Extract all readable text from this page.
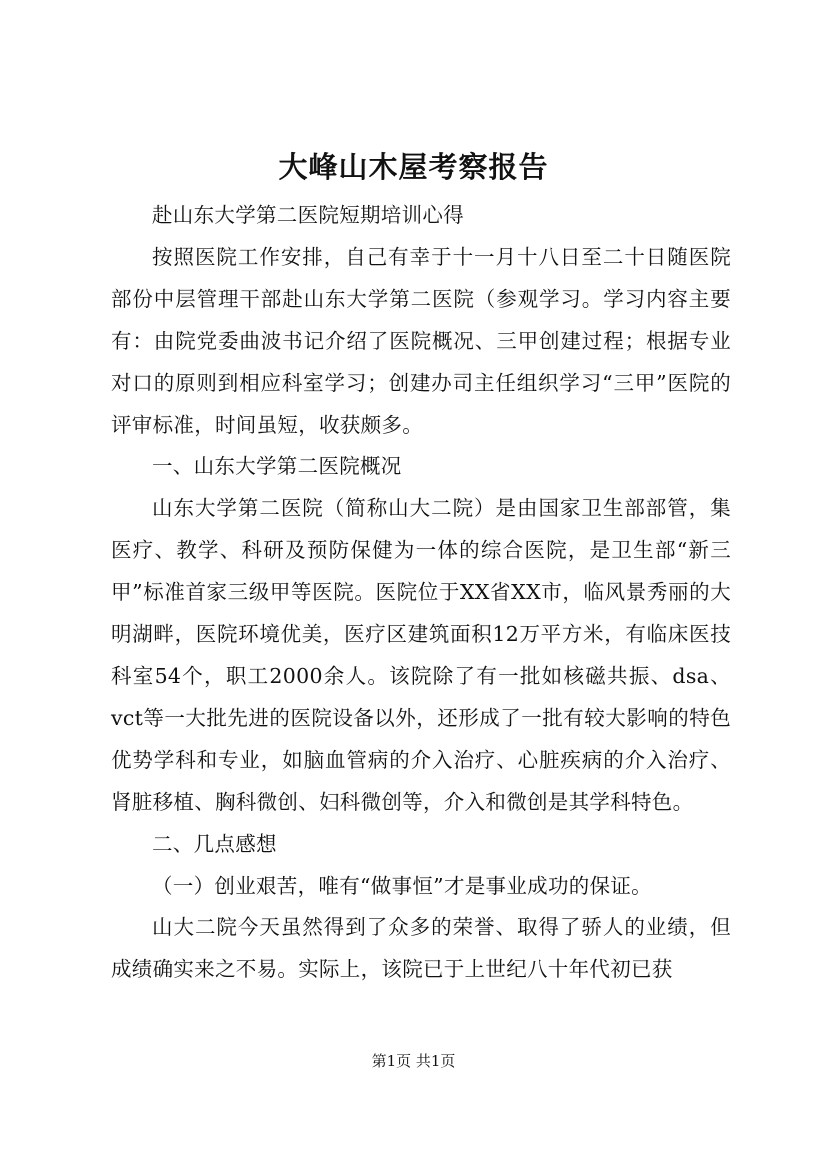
大峰山木屋考察报告

赴山东大学第二医院短期培训心得

按照医院工作安排，自己有幸于十一月十八日至二十日随医院部份中层管理干部赴山东大学第二医院（参观学习。学习内容主要有：由院党委曲波书记介绍了医院概况、三甲创建过程；根据专业对口的原则到相应科室学习；创建办司主任组织学习“三甲”医院的评审标准，时间虽短，收获颇多。

一、山东大学第二医院概况

山东大学第二医院（简称山大二院）是由国家卫生部部管，集医疗、教学、科研及预防保健为一体的综合医院，是卫生部“新三甲”标准首家三级甲等医院。医院位于XX省XX市，临风景秀丽的大明湖畔，医院环境优美，医疗区建筑面积12万平方米，有临床医技科室54个，职工2000余人。该院除了有一批如核磁共振、dsa、vct等一大批先进的医院设备以外，还形成了一批有较大影响的特色优势学科和专业，如脑血管病的介入治疗、心脏疾病的介入治疗、肾脏移植、胸科微创、妇科微创等，介入和微创是其学科特色。

二、几点感想

（一）创业艰苦，唯有“做事恒”才是事业成功的保证。

山大二院今天虽然得到了众多的荣誉、取得了骄人的业绩，但成绩确实来之不易。实际上，该院已于上世纪八十年代初已获

第1页 共1页
